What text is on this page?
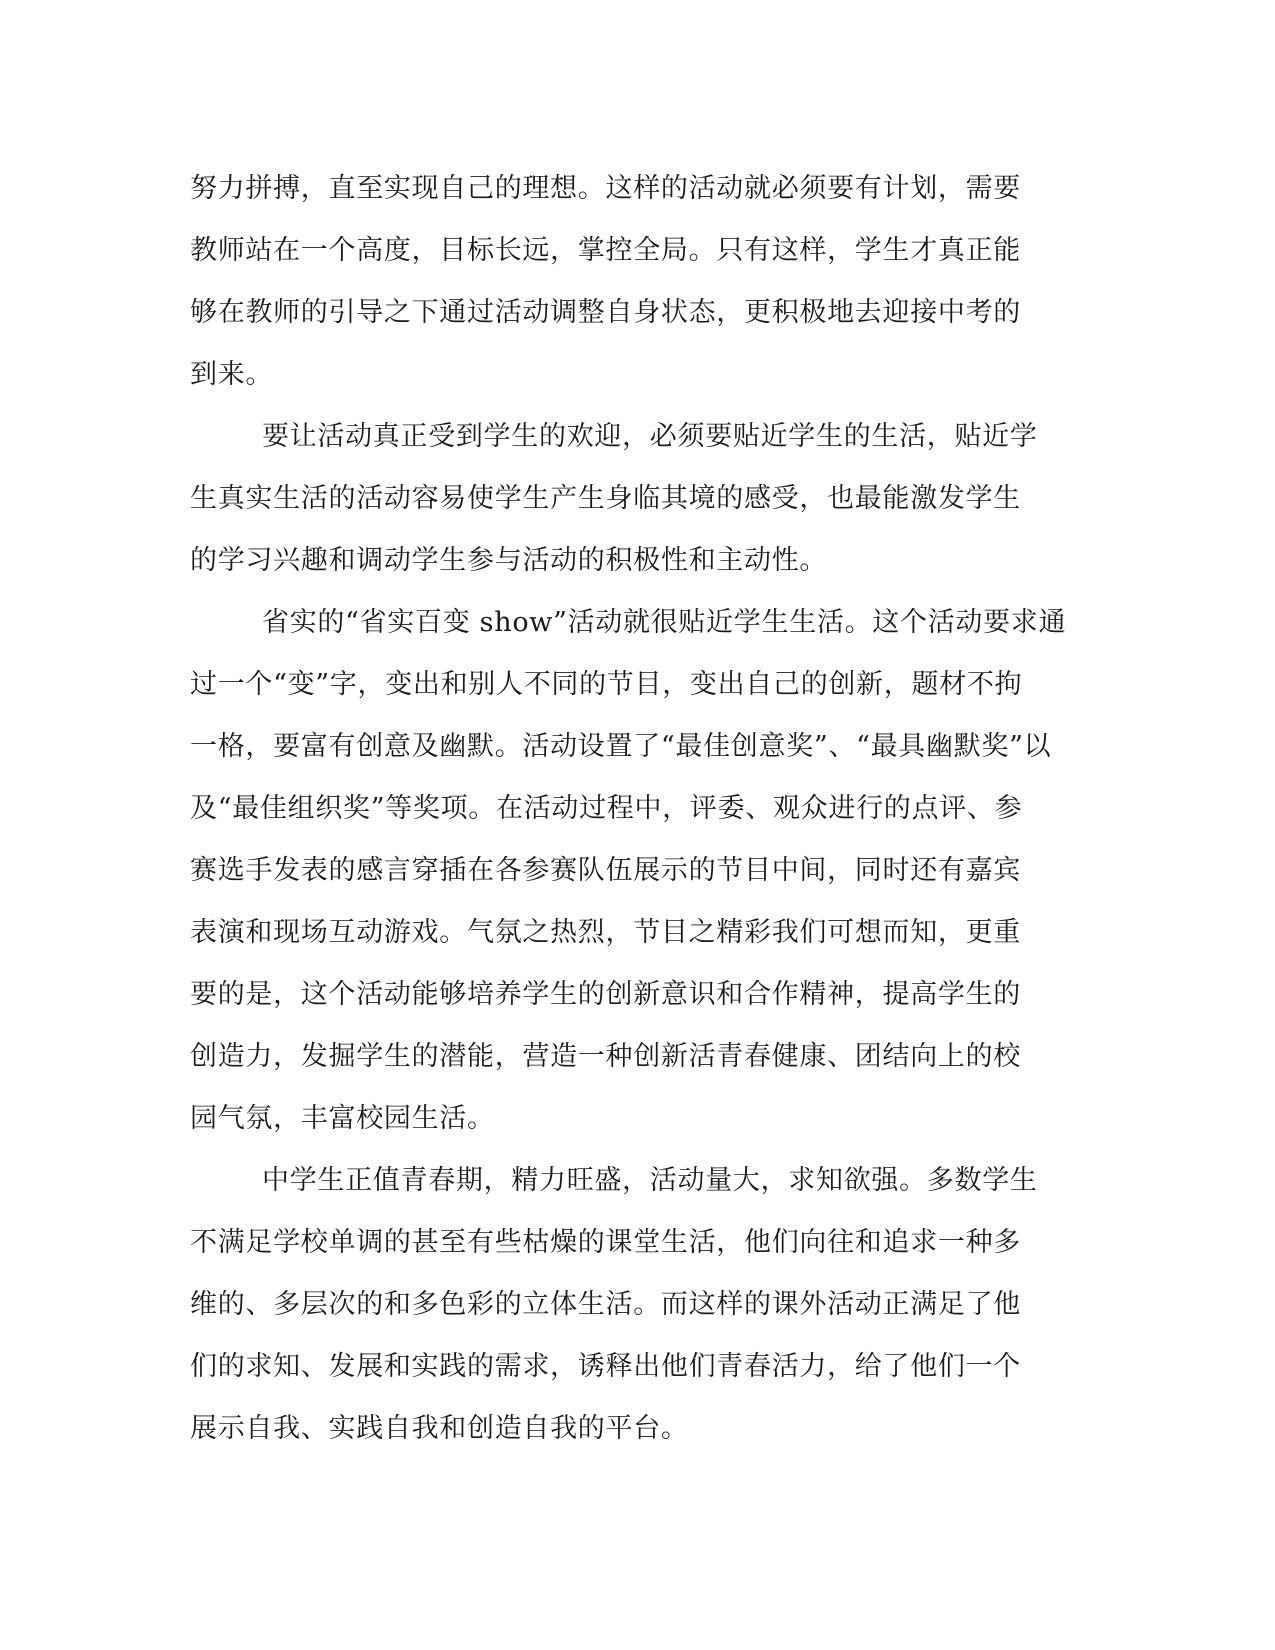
努力拼搏，直至实现自己的理想。这样的活动就必须要有计划，需要
教师站在一个高度，目标长远，掌控全局。只有这样，学生才真正能
够在教师的引导之下通过活动调整自身状态，更积极地去迎接中考的
到来。
要让活动真正受到学生的欢迎，必须要贴近学生的生活，贴近学
生真实生活的活动容易使学生产生身临其境的感受，也最能激发学生
的学习兴趣和调动学生参与活动的积极性和主动性。
省实的“省实百变 show”活动就很贴近学生生活。这个活动要求通
过一个“变”字，变出和别人不同的节目，变出自己的创新，题材不拘
一格，要富有创意及幽默。活动设置了“最佳创意奖”、“最具幽默奖”以
及“最佳组织奖”等奖项。在活动过程中，评委、观众进行的点评、参
赛选手发表的感言穿插在各参赛队伍展示的节目中间，同时还有嘉宾
表演和现场互动游戏。气氛之热烈，节目之精彩我们可想而知，更重
要的是，这个活动能够培养学生的创新意识和合作精神，提高学生的
创造力，发掘学生的潜能，营造一种创新活青春健康、团结向上的校
园气氛，丰富校园生活。
中学生正值青春期，精力旺盛，活动量大，求知欲强。多数学生
不满足学校单调的甚至有些枯燥的课堂生活，他们向往和追求一种多
维的、多层次的和多色彩的立体生活。而这样的课外活动正满足了他
们的求知、发展和实践的需求，诱释出他们青春活力，给了他们一个
展示自我、实践自我和创造自我的平台。
